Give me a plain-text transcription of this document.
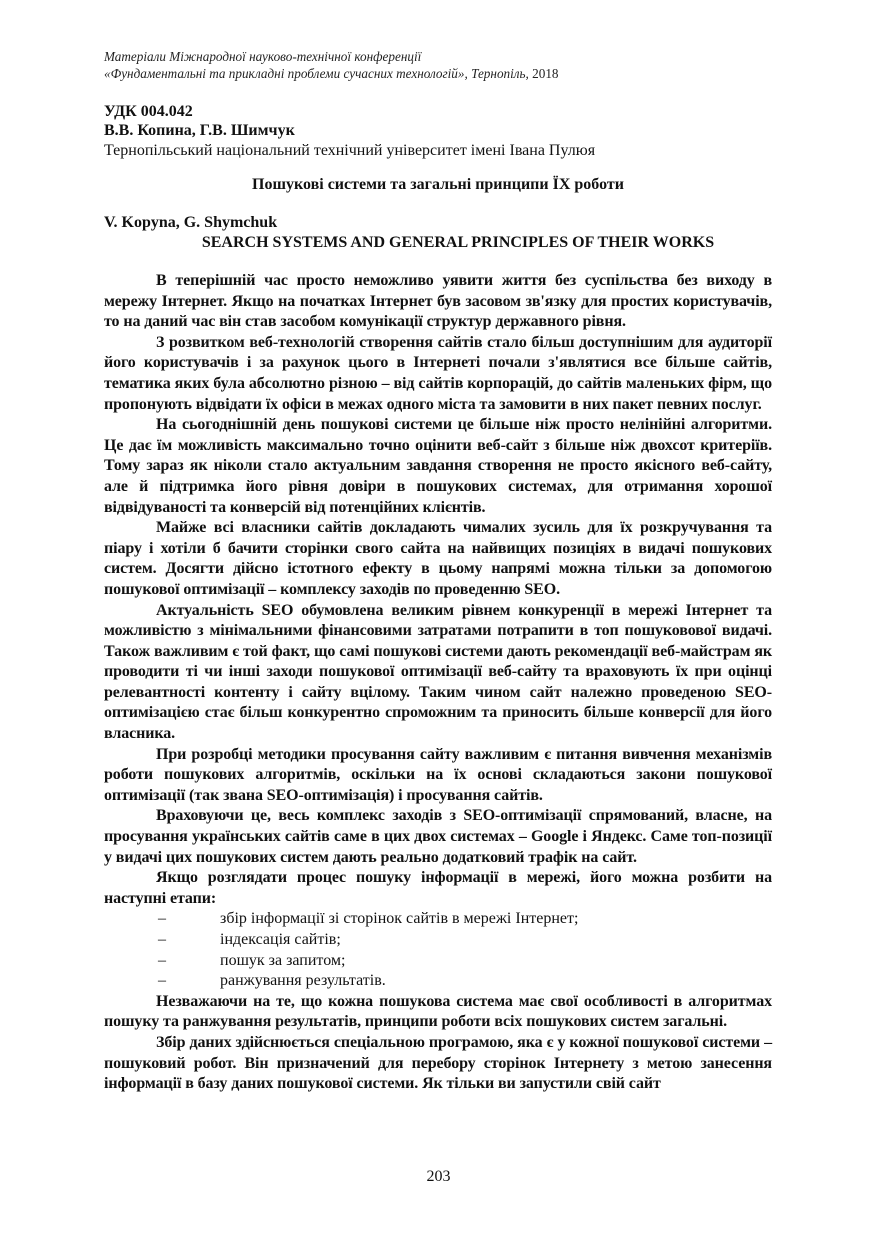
Матеріали Міжнародної науково-технічної конференції
«Фундаментальні та прикладні проблеми сучасних технологій», Тернопіль, 2018
УДК 004.042
В.В. Копина, Г.В. Шимчук
Тернопільський національний технічний університет імені Івана Пулюя
Пошукові системи та загальні принципи ЇХ роботи
V. Kopyna, G. Shymchuk
SEARCH SYSTEMS AND GENERAL PRINCIPLES OF THEIR WORKS

В теперішній час просто неможливо уявити життя без суспільства без виходу в мережу Інтернет. Якщо на початках Інтернет був засовом зв'язку для простих користувачів, то на даний час він став засобом комунікації структур державного рівня.

З розвитком веб-технологій створення сайтів стало більш доступнішим для аудиторії його користувачів і за рахунок цього в Інтернеті почали з'являтися все більше сайтів, тематика яких була абсолютно різною – від сайтів корпорацій, до сайтів маленьких фірм, що пропонують відвідати їх офіси в межах одного міста та замовити в них пакет певних послуг.

На сьогоднішній день пошукові системи це більше ніж просто нелінійні алгоритми. Це дає їм можливість максимально точно оцінити веб-сайт з більше ніж двохсот критеріїв. Тому зараз як ніколи стало актуальним завдання створення не просто якісного веб-сайту, але й підтримка його рівня довіри в пошукових системах, для отримання хорошої відвідуваності та конверсій від потенційних клієнтів.

Майже всі власники сайтів докладають чималих зусиль для їх розкручування та піару і хотіли б бачити сторінки свого сайта на найвищих позиціях в видачі пошукових систем. Досягти дійсно істотного ефекту в цьому напрямі можна тільки за допомогою пошукової оптимізації – комплексу заходів по проведенню SEO.

Актуальність SEO обумовлена великим рівнем конкуренції в мережі Інтернет та можливістю з мінімальними фінансовими затратами потрапити в топ пошукововoї видачі. Також важливим є той факт, що самі пошукові системи дають рекомендації веб-майстрам як проводити ті чи інші заходи пошукової оптимізації веб-сайту та враховують їх при оцінці релевантності контенту і сайту вцілому. Таким чином сайт належно проведеною SEO-оптимізацією стає більш конкурентно спроможним та приносить більше конверсії для його власника.

При розробці методики просування сайту важливим є питання вивчення механізмів роботи пошукових алгоритмів, оскільки на їх основі складаються закони пошукової оптимізації (так звана SEO-оптимізація) і просування сайтів.

Враховуючи це, весь комплекс заходів з SEO-оптимізації спрямований, власне, на просування українських сайтів саме в цих двох системах – Google і Яндекс. Саме топ-позиції у видачі цих пошукових систем дають реально додатковий трафік на сайт.

Якщо розглядати процес пошуку інформації в мережі, його можна розбити на наступні етапи:

–	збір інформації зі сторінок сайтів в мережі Інтернет;
–	індексація сайтів;
–	пошук за запитом;
–	ранжування результатів.

Незважаючи на те, що кожна пошукова система має свої особливості в алгоритмах пошуку та ранжування результатів, принципи роботи всіх пошукових систем загальні.

Збір даних здійснюється спеціальною програмою, яка є у кожної пошукової системи – пошуковий робот. Він призначений для перебору сторінок Інтернету з метою занесення інформації в базу даних пошукової системи. Як тільки ви запустили свій сайт

203
